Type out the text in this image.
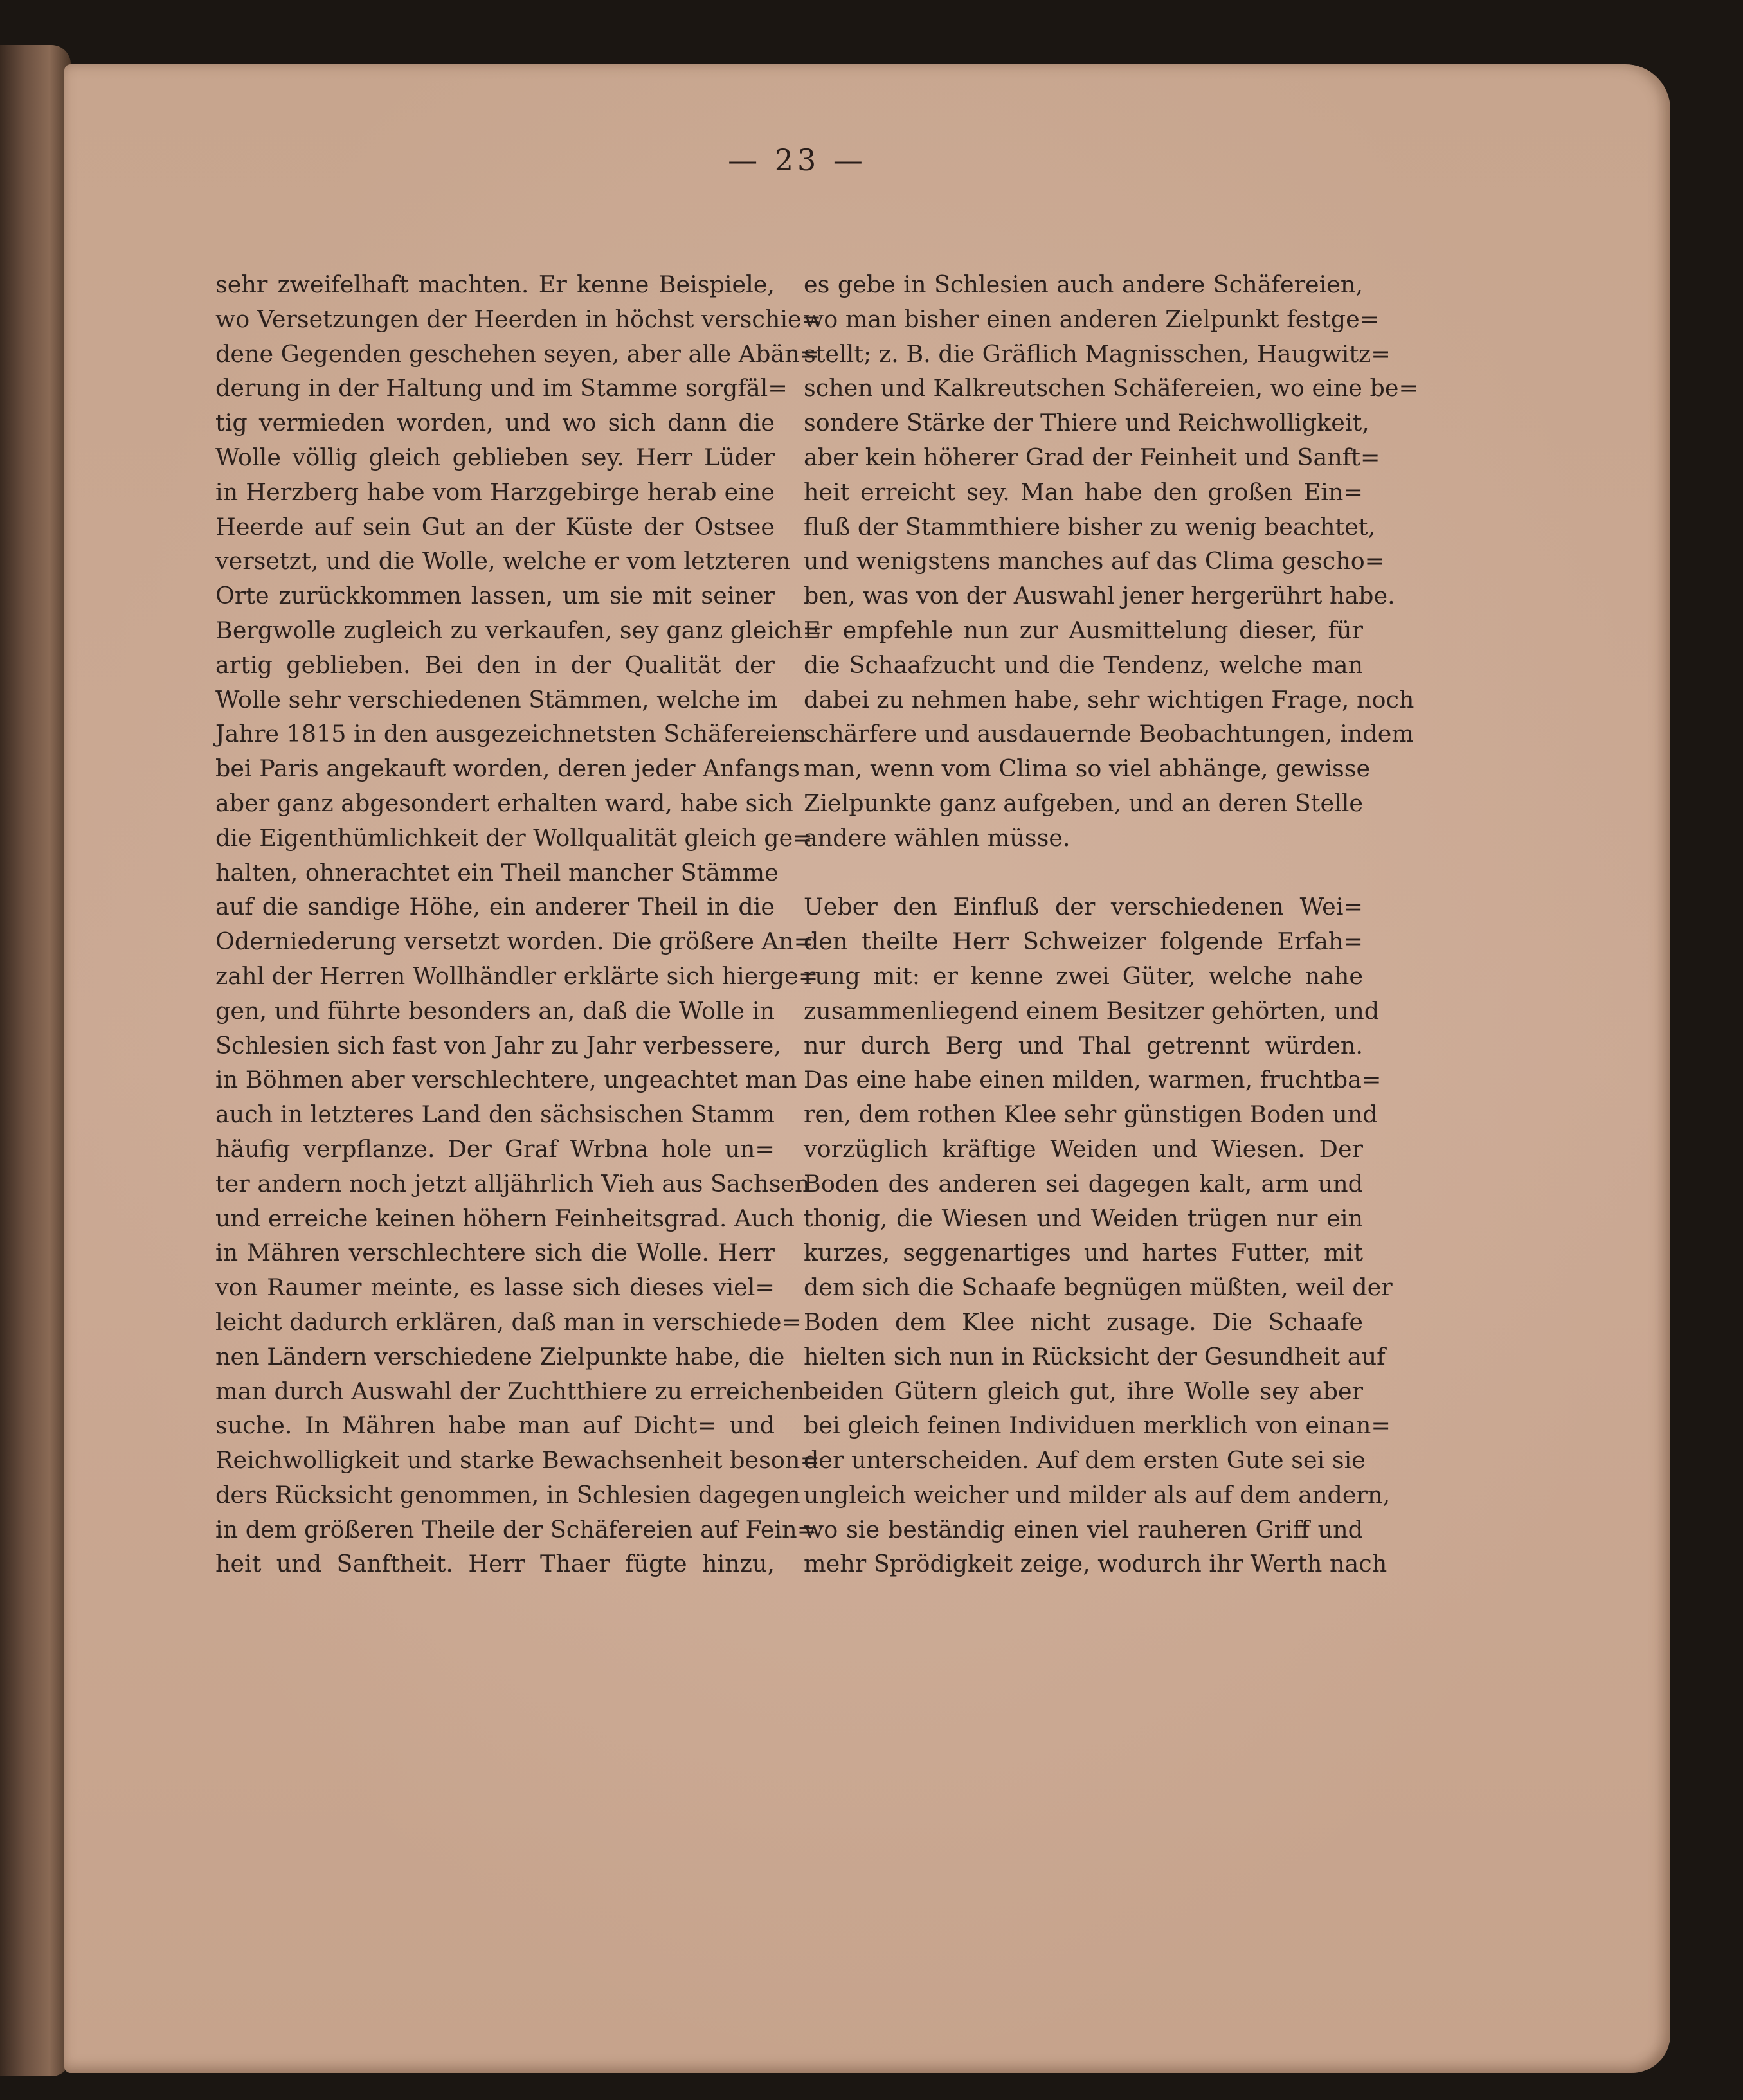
— 23 —
sehr zweifelhaft machten. Er kenne Beispiele,
wo Versetzungen der Heerden in höchst verschie=
dene Gegenden geschehen seyen, aber alle Abän=
derung in der Haltung und im Stamme sorgfäl=
tig vermieden worden, und wo sich dann die
Wolle völlig gleich geblieben sey. Herr Lüder
in Herzberg habe vom Harzgebirge herab eine
Heerde auf sein Gut an der Küste der Ostsee
versetzt, und die Wolle, welche er vom letzteren
Orte zurückkommen lassen, um sie mit seiner
Bergwolle zugleich zu verkaufen, sey ganz gleich=
artig geblieben. Bei den in der Qualität der
Wolle sehr verschiedenen Stämmen, welche im
Jahre 1815 in den ausgezeichnetsten Schäfereien
bei Paris angekauft worden, deren jeder Anfangs
aber ganz abgesondert erhalten ward, habe sich
die Eigenthümlichkeit der Wollqualität gleich ge=
halten, ohnerachtet ein Theil mancher Stämme
auf die sandige Höhe, ein anderer Theil in die
Oderniederung versetzt worden. Die größere An=
zahl der Herren Wollhändler erklärte sich hierge=
gen, und führte besonders an, daß die Wolle in
Schlesien sich fast von Jahr zu Jahr verbessere,
in Böhmen aber verschlechtere, ungeachtet man
auch in letzteres Land den sächsischen Stamm
häufig verpflanze. Der Graf Wrbna hole un=
ter andern noch jetzt alljährlich Vieh aus Sachsen
und erreiche keinen höhern Feinheitsgrad. Auch
in Mähren verschlechtere sich die Wolle. Herr
von Raumer meinte, es lasse sich dieses viel=
leicht dadurch erklären, daß man in verschiede=
nen Ländern verschiedene Zielpunkte habe, die
man durch Auswahl der Zuchtthiere zu erreichen
suche. In Mähren habe man auf Dicht= und
Reichwolligkeit und starke Bewachsenheit beson=
ders Rücksicht genommen, in Schlesien dagegen
in dem größeren Theile der Schäfereien auf Fein=
heit und Sanftheit. Herr Thaer fügte hinzu,
es gebe in Schlesien auch andere Schäfereien,
wo man bisher einen anderen Zielpunkt festge=
stellt; z. B. die Gräflich Magnisschen, Haugwitz=
schen und Kalkreutschen Schäfereien, wo eine be=
sondere Stärke der Thiere und Reichwolligkeit,
aber kein höherer Grad der Feinheit und Sanft=
heit erreicht sey. Man habe den großen Ein=
fluß der Stammthiere bisher zu wenig beachtet,
und wenigstens manches auf das Clima gescho=
ben, was von der Auswahl jener hergerührt habe.
Er empfehle nun zur Ausmittelung dieser, für
die Schaafzucht und die Tendenz, welche man
dabei zu nehmen habe, sehr wichtigen Frage, noch
schärfere und ausdauernde Beobachtungen, indem
man, wenn vom Clima so viel abhänge, gewisse
Zielpunkte ganz aufgeben, und an deren Stelle
andere wählen müsse.
Ueber den Einfluß der verschiedenen Wei=
den theilte Herr Schweizer folgende Erfah=
rung mit: er kenne zwei Güter, welche nahe
zusammenliegend einem Besitzer gehörten, und
nur durch Berg und Thal getrennt würden.
Das eine habe einen milden, warmen, fruchtba=
ren, dem rothen Klee sehr günstigen Boden und
vorzüglich kräftige Weiden und Wiesen. Der
Boden des anderen sei dagegen kalt, arm und
thonig, die Wiesen und Weiden trügen nur ein
kurzes, seggenartiges und hartes Futter, mit
dem sich die Schaafe begnügen müßten, weil der
Boden dem Klee nicht zusage. Die Schaafe
hielten sich nun in Rücksicht der Gesundheit auf
beiden Gütern gleich gut, ihre Wolle sey aber
bei gleich feinen Individuen merklich von einan=
der unterscheiden. Auf dem ersten Gute sei sie
ungleich weicher und milder als auf dem andern,
wo sie beständig einen viel rauheren Griff und
mehr Sprödigkeit zeige, wodurch ihr Werth nach
